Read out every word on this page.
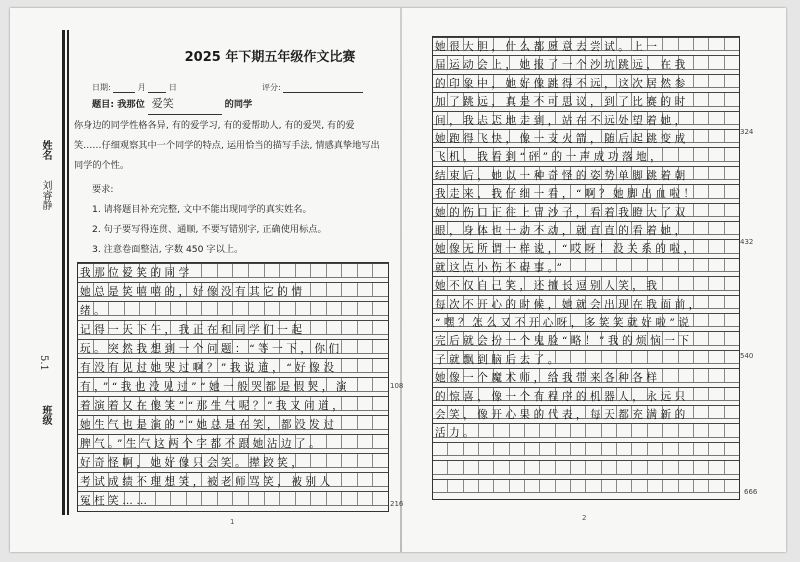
2025 年下期五年级作文比赛
日期:	月	日	评分:
题目: 我那位 爱笑	的同学
你身边的同学性格各异, 有的爱学习, 有的爱帮助人, 有的爱哭, 有的爱
笑……仔细观察其中一个同学的特点, 运用恰当的描写手法, 情感真挚地写出
同学的个性。
要求:
1. 请将题目补充完整, 文中不能出现同学的真实姓名。
2. 句子要写得连贯、通顺, 不要写错别字, 正确使用标点。
3. 注意卷面整洁, 字数 450 字以上。
姓名
刘睿静
班级
5.1
我那位爱笑的同学
她总是笑嘻嘻的，好像没有其它的情
绪。
记得一天下午，我正在和同学们一起
玩。突然我想到一个问题：“等一下，你们
有没有见过她哭过啊？”我说道，“好像没
有，”“我也没见过”“她一般哭都是假哭，演
着演着又在傻笑”“那生气呢？”我又问道，
她生气也是演的”“她总是在笑，都没发过
脾气。”生气这两个字都不跟她沾边了。
好奇怪啊，她好像只会笑。撵跤笑，
考试成绩不理想笑，被老师骂笑，被别人
冤枉笑……
108
216
1
她很大胆，什么都愿意去尝试。上一
届运动会上，她报了一个沙坑跳远，在我
的印象中，她好像跳得不远，这次居然参
加了跳远，真是不可思议，到了比赛的时
间，我忐忑地走到，站在不远处望着她，
她跑得飞快，像一支火箭，随后起跳变成
飞机，我看到“砰”的一声成功落地，
结束后，她以一种奇怪的姿势单脚跳着朝
我走来，我仔细一看，“啊？她脚出血啦！
她的伤口正往上冒沙子，看着我瞪大了双
眼，身体也一动不动，就直直的看着她，
她像无所谓一样说，“哎呀！没关系的啦，
就这点小伤不碍事。”
她不仅自己笑，还擅长逗别人笑，我
每次不开心的时候，她就会出现在我面前，
“嘿？怎么又不开心呀，多笑笑就好啦”说
完后就会扮一个鬼脸“略！”我的烦恼一下
子就飘到脑后去了。
她像一个魔术师，给我带来各种各样
的惊喜，像一个有程序的机器人，永远只
会笑，像开心果的代表，每天都充满新的
活力。
324
432
540
666
2
